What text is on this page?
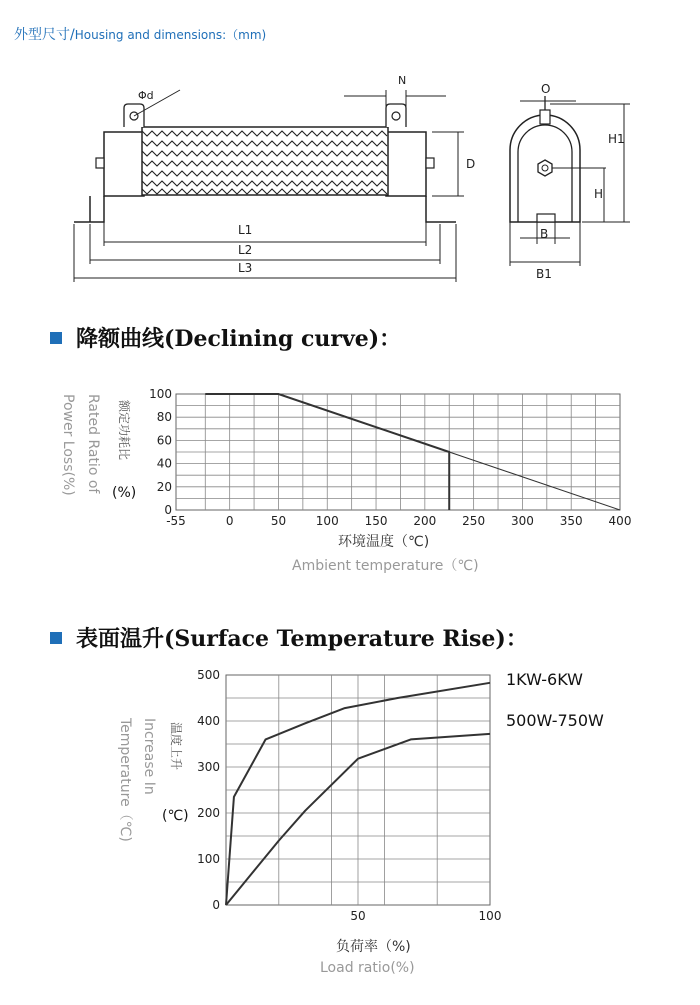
外型尺寸/Housing and dimensions:（mm)
Φd
N
D
L1
L2
L3
O
H1
H
B
B1
降额曲线(Declining curve)：
-55	0	50 100 150 200 250 300 350 400
0
20
40
60
80
100
Power Loss(%) Rated Ratio of 额定功耗比
(%)
环境温度（℃)
Ambient temperature（℃)
表面温升(Surface Temperature Rise)：
50	100
0
100
200
300
400
500	1KW-6KW
500W-750W
Temperature（℃) Increase In 温度上升
(℃)
负荷率（%)
Load ratio(%)
